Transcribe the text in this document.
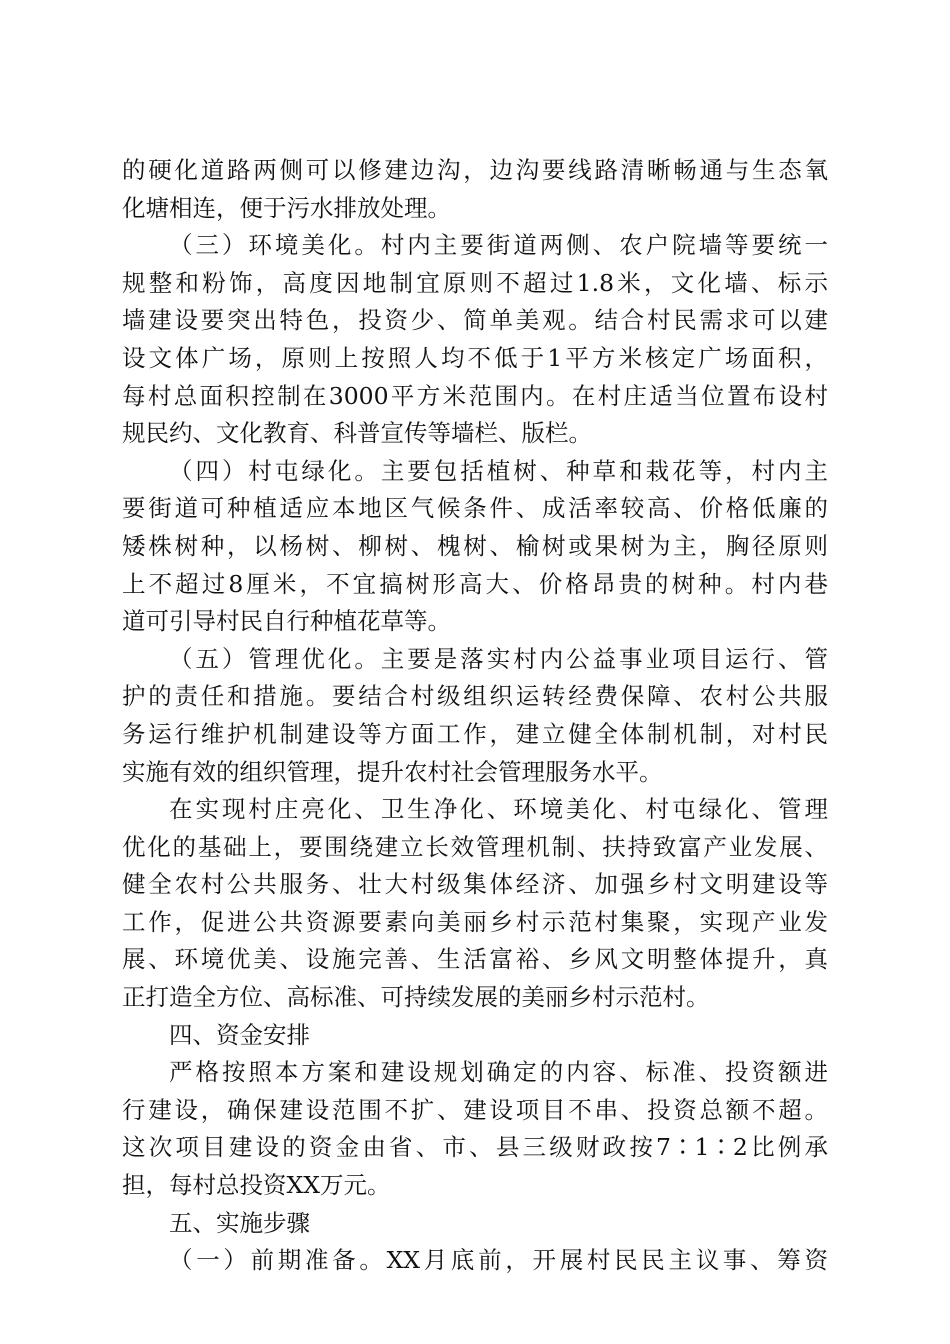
的硬化道路两侧可以修建边沟，边沟要线路清晰畅通与生态氧
化塘相连，便于污水排放处理。
（三）环境美化。村内主要街道两侧、农户院墙等要统一
规整和粉饰，高度因地制宜原则不超过1.8米，文化墙、标示
墙建设要突出特色，投资少、简单美观。结合村民需求可以建
设文体广场，原则上按照人均不低于1平方米核定广场面积，
每村总面积控制在3000平方米范围内。在村庄适当位置布设村
规民约、文化教育、科普宣传等墙栏、版栏。
（四）村屯绿化。主要包括植树、种草和栽花等，村内主
要街道可种植适应本地区气候条件、成活率较高、价格低廉的
矮株树种，以杨树、柳树、槐树、榆树或果树为主，胸径原则
上不超过8厘米，不宜搞树形高大、价格昂贵的树种。村内巷
道可引导村民自行种植花草等。
（五）管理优化。主要是落实村内公益事业项目运行、管
护的责任和措施。要结合村级组织运转经费保障、农村公共服
务运行维护机制建设等方面工作，建立健全体制机制，对村民
实施有效的组织管理，提升农村社会管理服务水平。
在实现村庄亮化、卫生净化、环境美化、村屯绿化、管理
优化的基础上，要围绕建立长效管理机制、扶持致富产业发展、
健全农村公共服务、壮大村级集体经济、加强乡村文明建设等
工作，促进公共资源要素向美丽乡村示范村集聚，实现产业发
展、环境优美、设施完善、生活富裕、乡风文明整体提升，真
正打造全方位、高标准、可持续发展的美丽乡村示范村。
四、资金安排
严格按照本方案和建设规划确定的内容、标准、投资额进
行建设，确保建设范围不扩、建设项目不串、投资总额不超。
这次项目建设的资金由省、市、县三级财政按7∶1∶2比例承
担，每村总投资XX万元。
五、实施步骤
（一）前期准备。XX月底前，开展村民民主议事、筹资
